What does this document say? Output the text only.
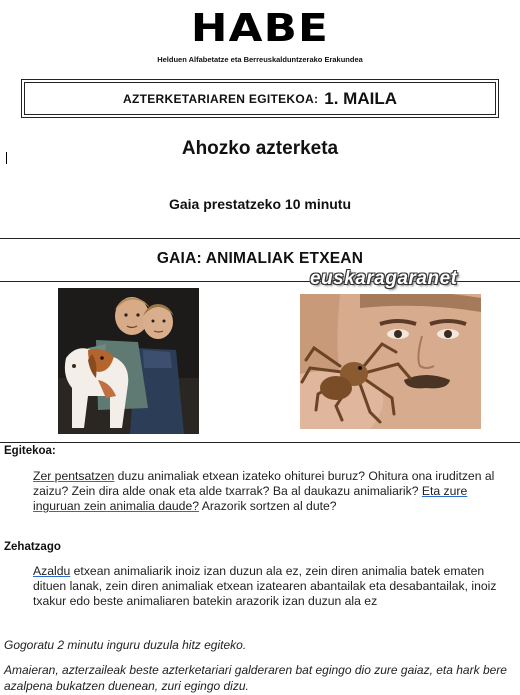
HABE
Helduen Alfabetatze eta Berreuskalduntzerako Erakundea
AZTERKETARIAREN EGITEKOA: 1. MAILA
Ahozko azterketa
Gaia prestatzeko 10 minutu
GAIA: ANIMALIAK ETXEAN
euskaragaranet
Egitekoa:
Zer pentsatzen duzu animaliak etxean izateko ohiturei buruz? Ohitura ona iruditzen al zaizu? Zein dira alde onak eta alde txarrak? Ba al daukazu animaliarik? Eta zure inguruan zein animalia daude? Arazorik sortzen al dute?
Zehatzago
Azaldu etxean animaliarik inoiz izan duzun ala ez, zein diren animalia batek ematen dituen lanak, zein diren animaliak etxean izatearen abantailak eta desabantailak, inoiz txakur edo beste animaliaren batekin arazorik izan duzun ala ez
Gogoratu 2 minutu inguru duzula hitz egiteko.
Amaieran, azterzaileak beste azterketariari galderaren bat egingo dio zure gaiaz, eta hark bere azalpena bukatzen duenean, zuri egingo dizu.
